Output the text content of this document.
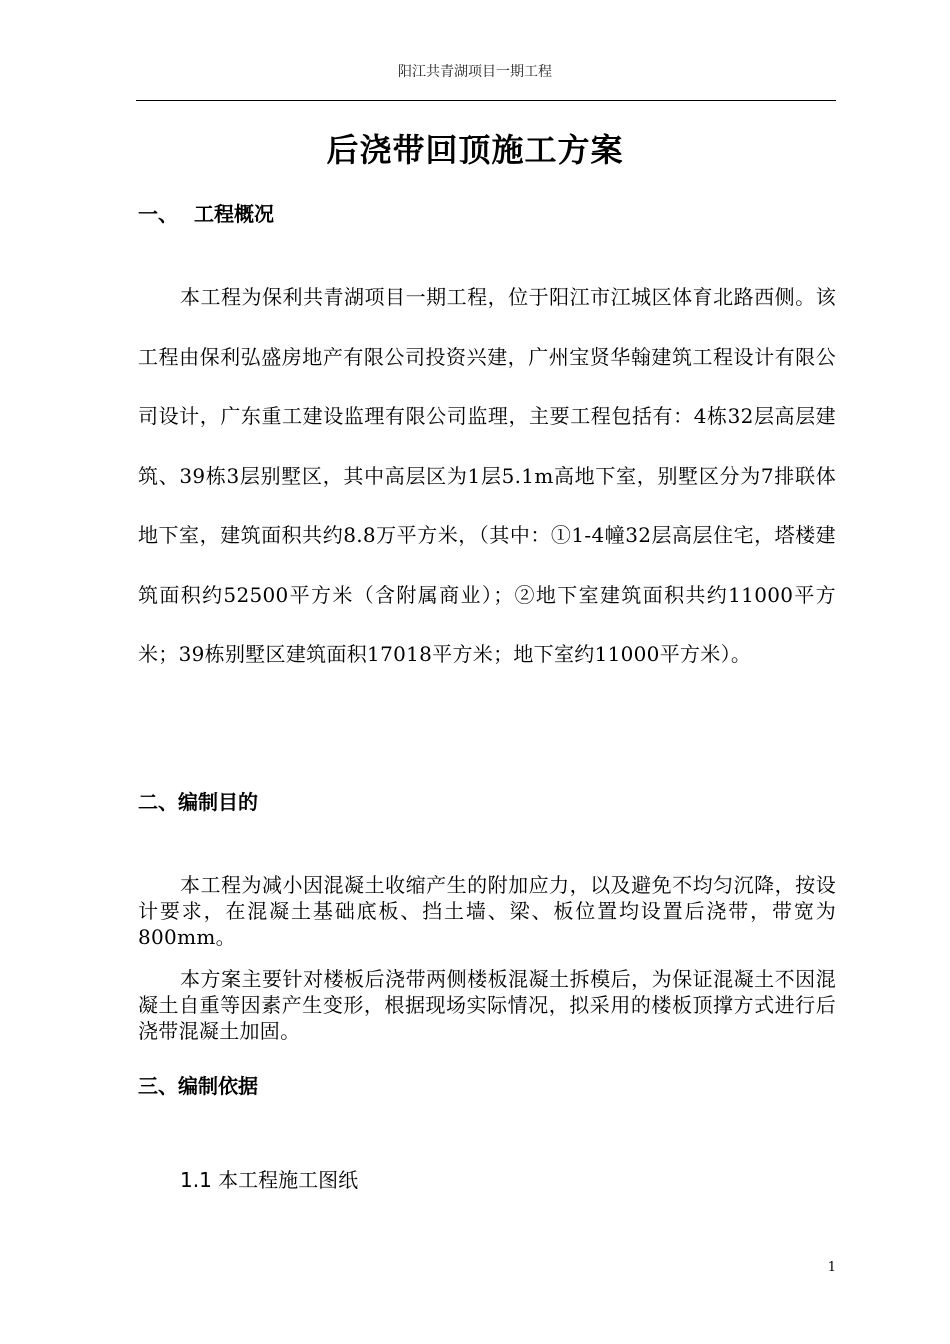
阳江共青湖项目一期工程
后浇带回顶施工方案
一、 工程概况

本工程为保利共青湖项目一期工程，位于阳江市江城区体育北路西侧。该工程由保利弘盛房地产有限公司投资兴建，广州宝贤华翰建筑工程设计有限公司设计，广东重工建设监理有限公司监理，主要工程包括有：4栋32层高层建筑、39栋3层别墅区，其中高层区为1层5.1m高地下室，别墅区分为7排联体地下室，建筑面积共约8.8万平方米，（其中：①1-4幢32层高层住宅，塔楼建筑面积约52500平方米（含附属商业）；②地下室建筑面积共约11000平方米；39栋别墅区建筑面积17018平方米；地下室约11000平方米）。

二、编制目的

本工程为减小因混凝土收缩产生的附加应力，以及避免不均匀沉降，按设计要求，在混凝土基础底板、挡土墙、梁、板位置均设置后浇带，带宽为800mm。

本方案主要针对楼板后浇带两侧楼板混凝土拆模后，为保证混凝土不因混凝土自重等因素产生变形，根据现场实际情况，拟采用的楼板顶撑方式进行后浇带混凝土加固。

三、编制依据
1.1 本工程施工图纸
1
